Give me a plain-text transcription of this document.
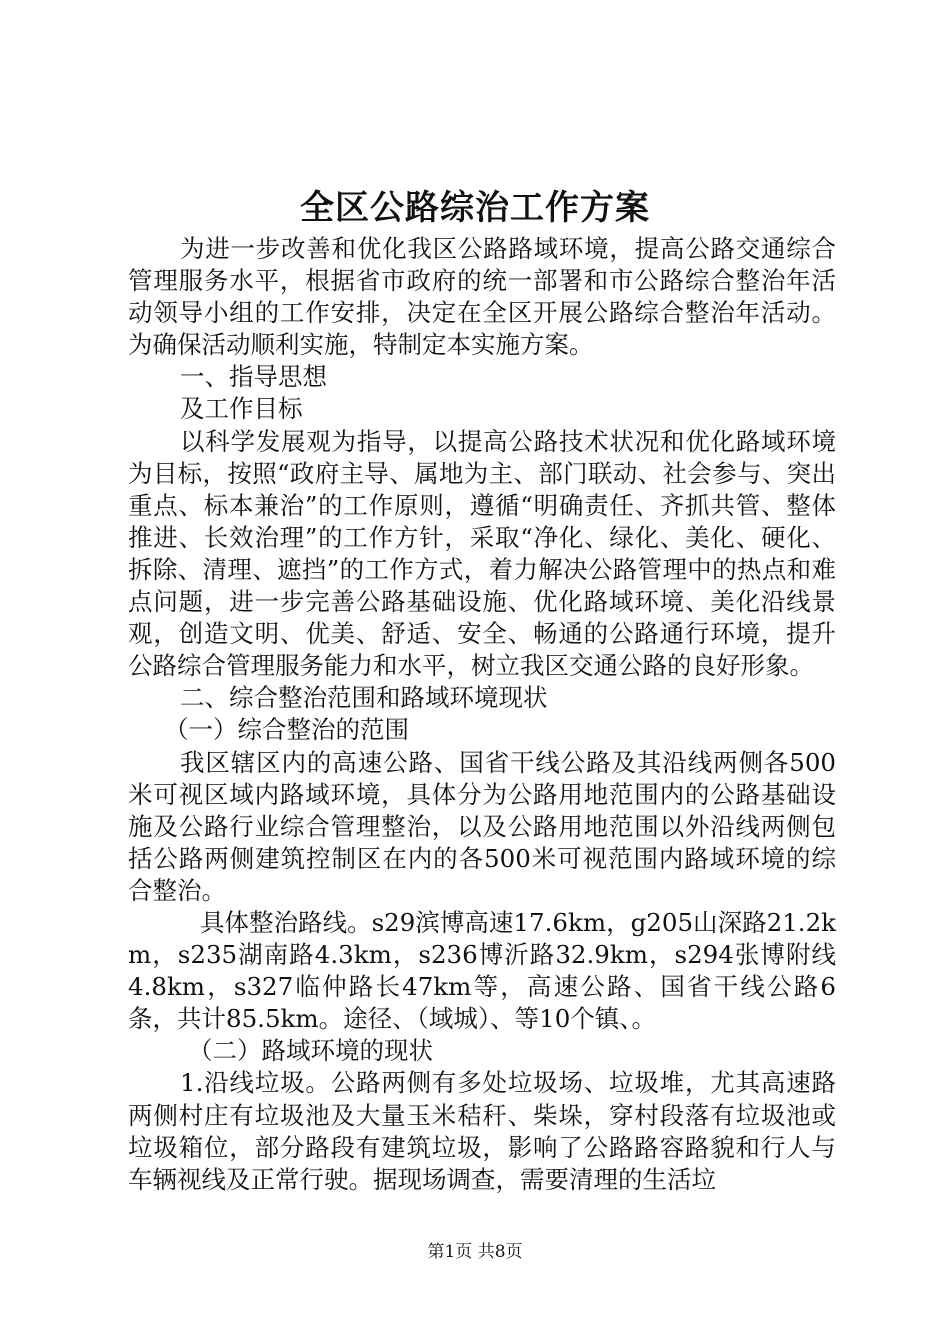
全区公路综治工作方案

为进一步改善和优化我区公路路域环境，提高公路交通综合管理服务水平，根据省市政府的统一部署和市公路综合整治年活动领导小组的工作安排，决定在全区开展公路综合整治年活动。为确保活动顺利实施，特制定本实施方案。

一、指导思想

及工作目标

以科学发展观为指导，以提高公路技术状况和优化路域环境为目标，按照“政府主导、属地为主、部门联动、社会参与、突出重点、标本兼治”的工作原则，遵循“明确责任、齐抓共管、整体推进、长效治理”的工作方针，采取“净化、绿化、美化、硬化、拆除、清理、遮挡”的工作方式，着力解决公路管理中的热点和难点问题，进一步完善公路基础设施、优化路域环境、美化沿线景观，创造文明、优美、舒适、安全、畅通的公路通行环境，提升公路综合管理服务能力和水平，树立我区交通公路的良好形象。

二、综合整治范围和路域环境现状

（一）综合整治的范围

我区辖区内的高速公路、国省干线公路及其沿线两侧各500米可视区域内路域环境，具体分为公路用地范围内的公路基础设施及公路行业综合管理整治，以及公路用地范围以外沿线两侧包括公路两侧建筑控制区在内的各500米可视范围内路域环境的综合整治。

具体整治路线。s29滨博高速17.6km，g205山深路21.2km，s235湖南路4.3km，s236博沂路32.9km，s294张博附线4.8km，s327临仲路长47km等，高速公路、国省干线公路6条，共计85.5km。途径、（域城）、等10个镇、。

（二）路域环境的现状

1.沿线垃圾。公路两侧有多处垃圾场、垃圾堆，尤其高速路两侧村庄有垃圾池及大量玉米秸秆、柴垛，穿村段落有垃圾池或垃圾箱位，部分路段有建筑垃圾，影响了公路路容路貌和行人与车辆视线及正常行驶。据现场调查，需要清理的生活垃

第1页 共8页
